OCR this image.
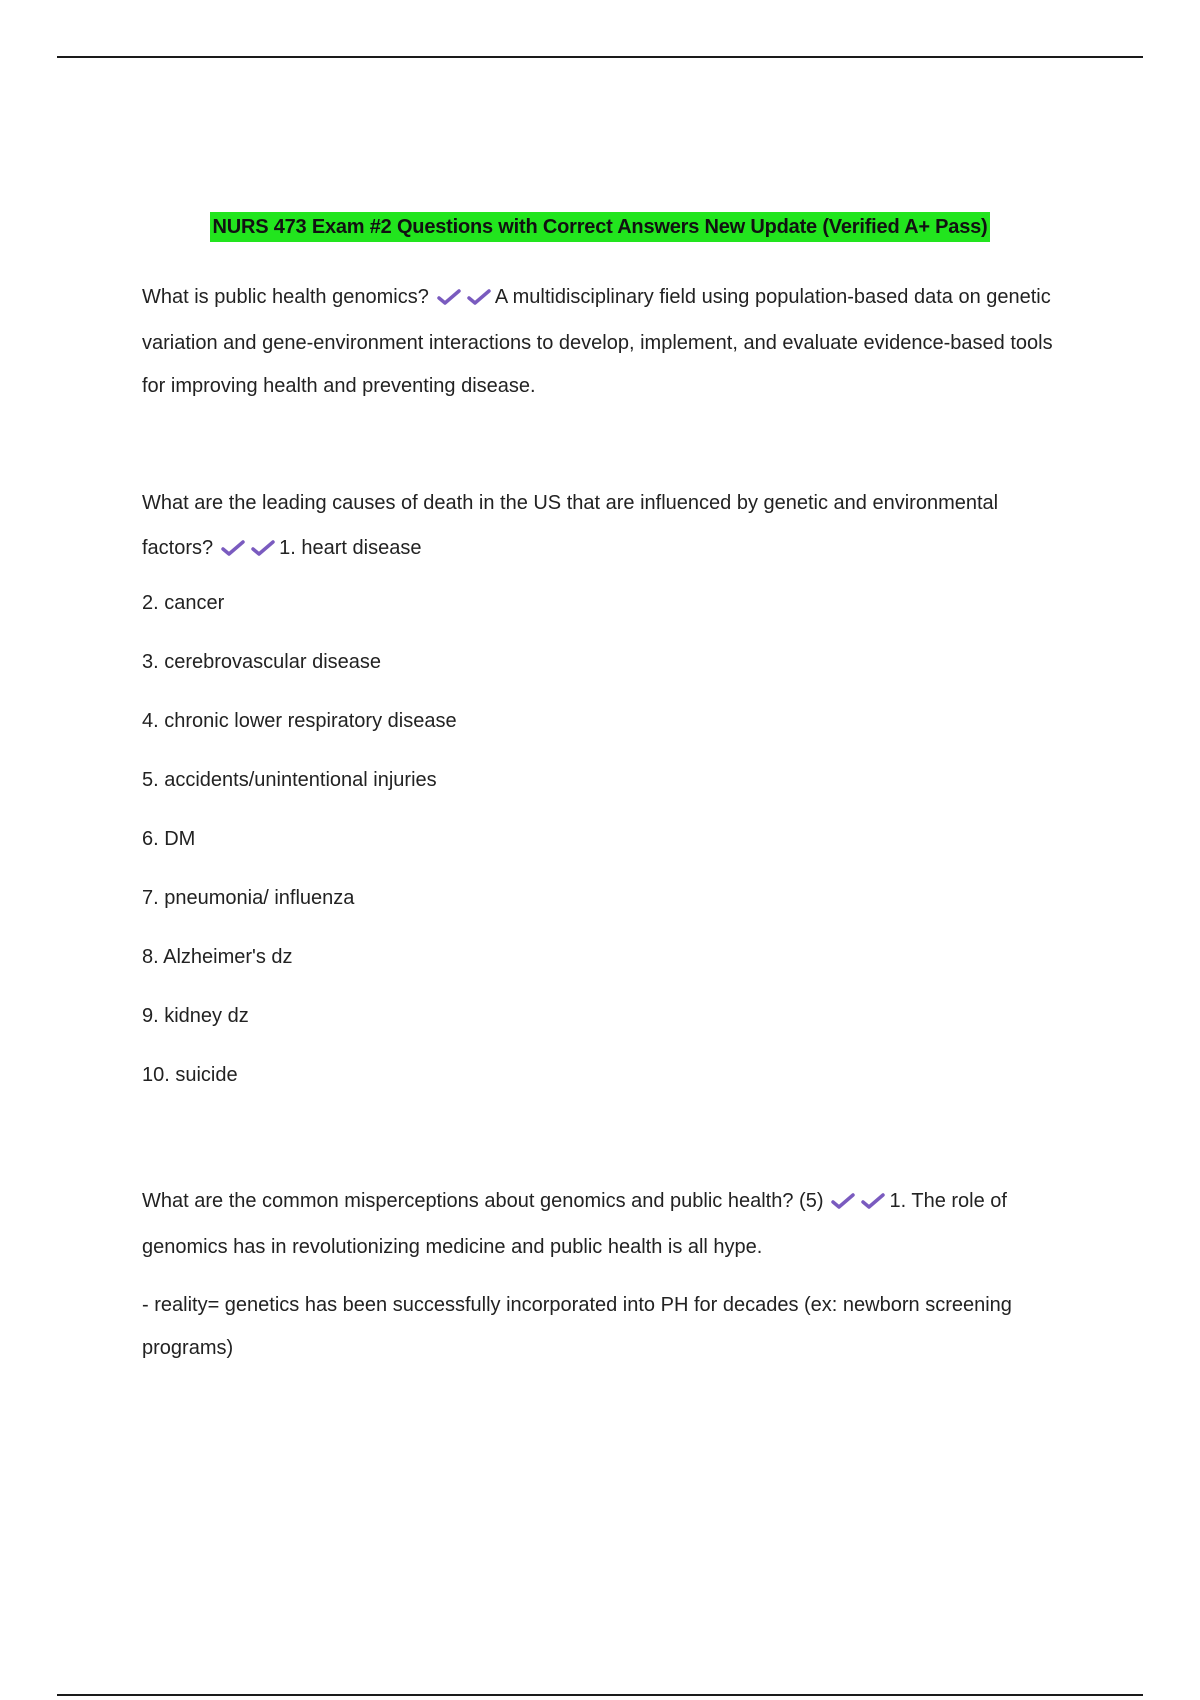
NURS 473 Exam #2 Questions with Correct Answers New Update (Verified A+ Pass)

What is public health genomics?	A multidisciplinary field using population-based data on genetic variation and gene-environment interactions to develop, implement, and evaluate evidence-based tools for improving health and preventing disease.

What are the leading causes of death in the US that are influenced by genetic and environmental factors?	1. heart disease

2. cancer
3. cerebrovascular disease
4. chronic lower respiratory disease
5. accidents/unintentional injuries
6. DM
7. pneumonia/ influenza
8. Alzheimer's dz
9. kidney dz
10. suicide

What are the common misperceptions about genomics and public health? (5)	1. The role of genomics has in revolutionizing medicine and public health is all hype.

- reality= genetics has been successfully incorporated into PH for decades (ex: newborn screening programs)
